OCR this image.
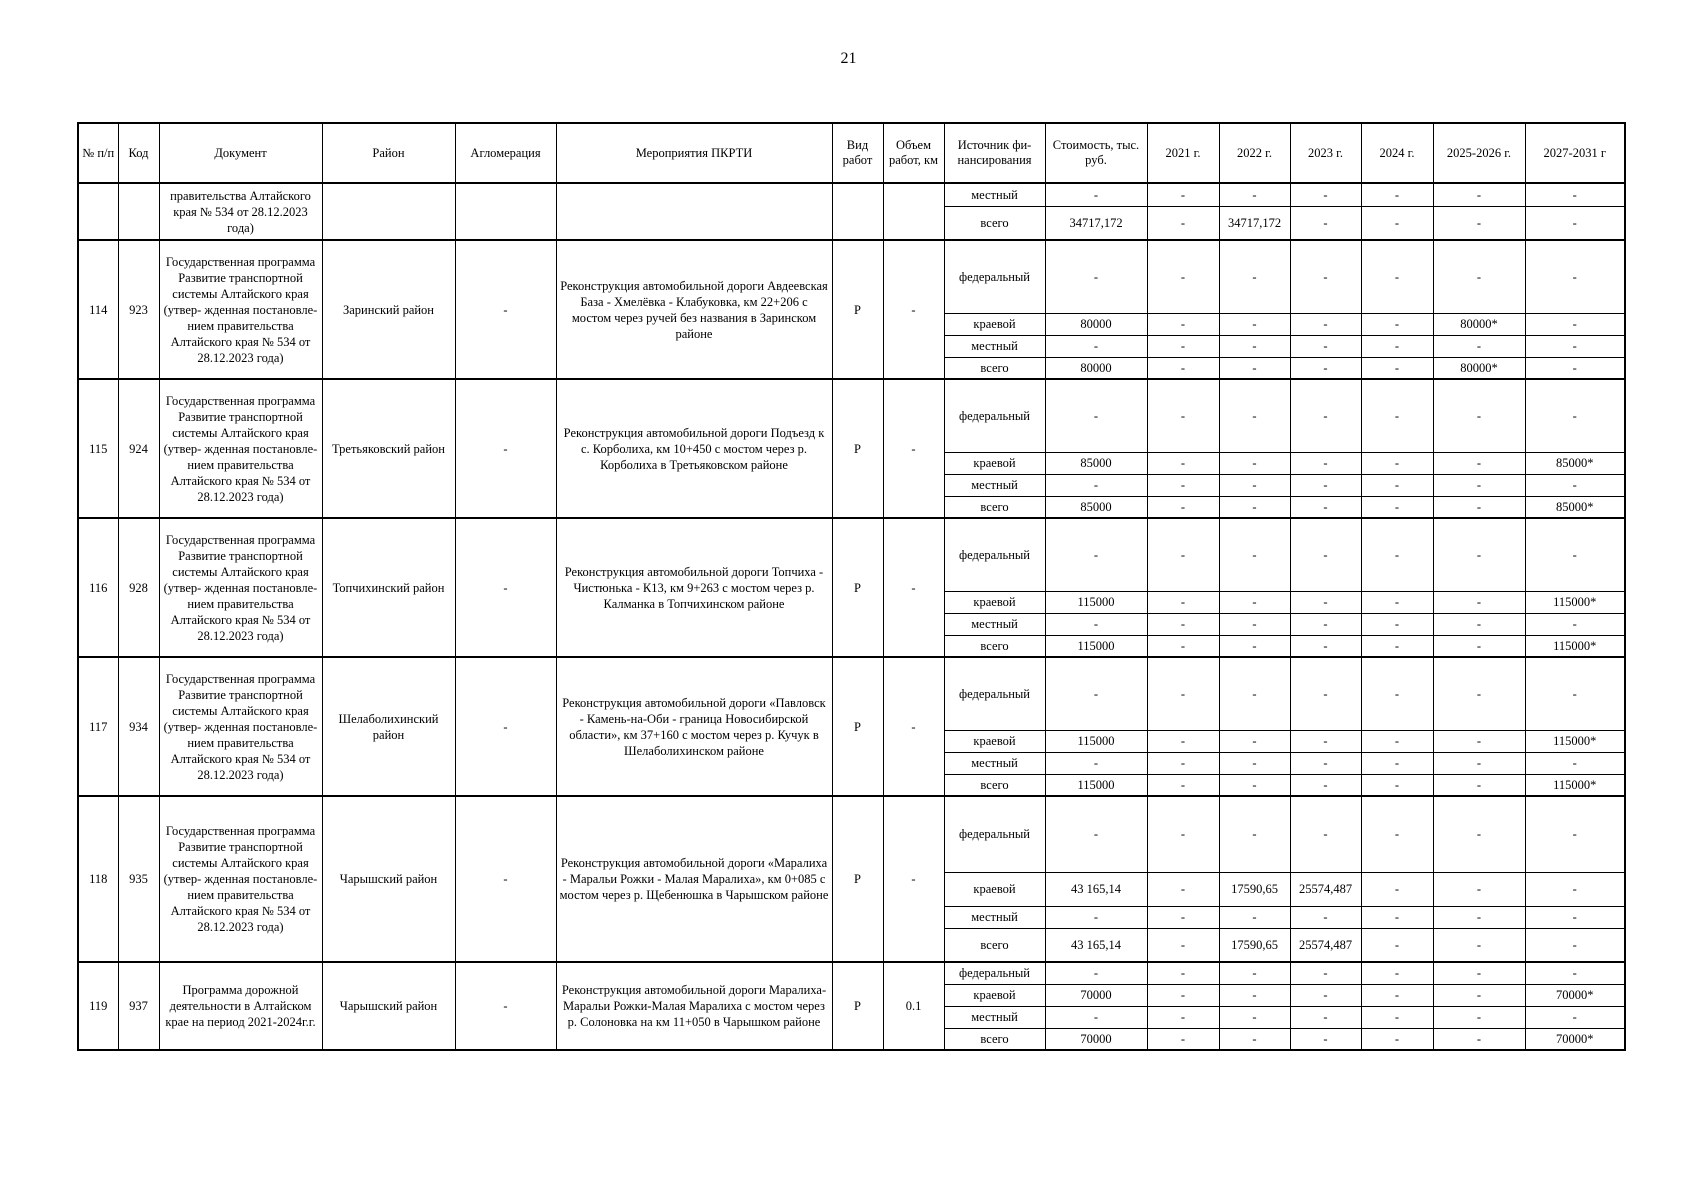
21
№ п/п	Код	Документ	Район	Агломерация	Мероприятия ПКРТИ	Вид работ	Объем работ, км	Источник фи-нансирования	Стоимость, тыс. руб.	2021 г.	2022 г.	2023 г.	2024 г.	2025-2026 г.	2027-2031 г
		правительства Алтайского края № 534 от 28.12.2023 года)						местный	-	-	-	-	-	-	-
								всего	34717,172	-	34717,172	-	-	-	-
114	923	Государственная программа Развитие транспортной системы Алтайского края (утвер- жденная постановле- нием правительства Алтайского края № 534 от 28.12.2023 года)	Заринский район	-	Реконструкция автомобильной дороги Авдеевская База - Хмелёвка - Клабуковка, км 22+206 с мостом через ручей без названия в Заринском районе	Р	-	федеральный	-	-	-	-	-	-	-
								краевой	80000	-	-	-	-	80000*	-
								местный	-	-	-	-	-	-	-
								всего	80000	-	-	-	-	80000*	-
115	924	Государственная программа Развитие транспортной системы Алтайского края (утвер- жденная постановле- нием правительства Алтайского края № 534 от 28.12.2023 года)	Третьяковский район	-	Реконструкция автомобильной дороги Подъезд к с. Корболиха, км 10+450 с мостом через р. Корболиха в Третьяковском районе	Р	-	федеральный	-	-	-	-	-	-	-
								краевой	85000	-	-	-	-	-	85000*
								местный	-	-	-	-	-	-	-
								всего	85000	-	-	-	-	-	85000*
116	928	Государственная программа Развитие транспортной системы Алтайского края (утвер- жденная постановле- нием правительства Алтайского края № 534 от 28.12.2023 года)	Топчихинский район	-	Реконструкция автомобильной дороги Топчиха - Чистюнька - К13, км 9+263 с мостом через р. Калманка в Топчихинском районе	Р	-	федеральный	-	-	-	-	-	-	-
								краевой	115000	-	-	-	-	-	115000*
								местный	-	-	-	-	-	-	-
								всего	115000	-	-	-	-	-	115000*
117	934	Государственная программа Развитие транспортной системы Алтайского края (утвер- жденная постановле- нием правительства Алтайского края № 534 от 28.12.2023 года)	Шелаболихинский район	-	Реконструкция автомобильной дороги «Павловск - Камень-на-Оби - граница Новосибирской области», км 37+160 с мостом через р. Кучук в Шелаболихинском районе	Р	-	федеральный	-	-	-	-	-	-	-
								краевой	115000	-	-	-	-	-	115000*
								местный	-	-	-	-	-	-	-
								всего	115000	-	-	-	-	-	115000*
118	935	Государственная программа Развитие транспортной системы Алтайского края (утвер- жденная постановле- нием правительства Алтайского края № 534 от 28.12.2023 года)	Чарышский район	-	Реконструкция автомобильной дороги «Маралиха - Маральи Рожки - Малая Маралиха», км 0+085 с мостом через р. Щебенюшка в Чарышском районе	Р	-	федеральный	-	-	-	-	-	-	-
								краевой	43 165,14	-	17590,65	25574,487	-	-	-
								местный	-	-	-	-	-	-	-
								всего	43 165,14	-	17590,65	25574,487	-	-	-
119	937	Программа дорожной деятельности в Алтайском крае на период 2021-2024г.г.	Чарышский район	-	Реконструкция автомобильной дороги Маралиха-Маральи Рожки-Малая Маралиха с мостом через р. Солоновка на км 11+050 в Чарышком районе	Р	0.1	федеральный	-	-	-	-	-	-	-
								краевой	70000	-	-	-	-	-	70000*
								местный	-	-	-	-	-	-	-
								всего	70000	-	-	-	-	-	70000*
